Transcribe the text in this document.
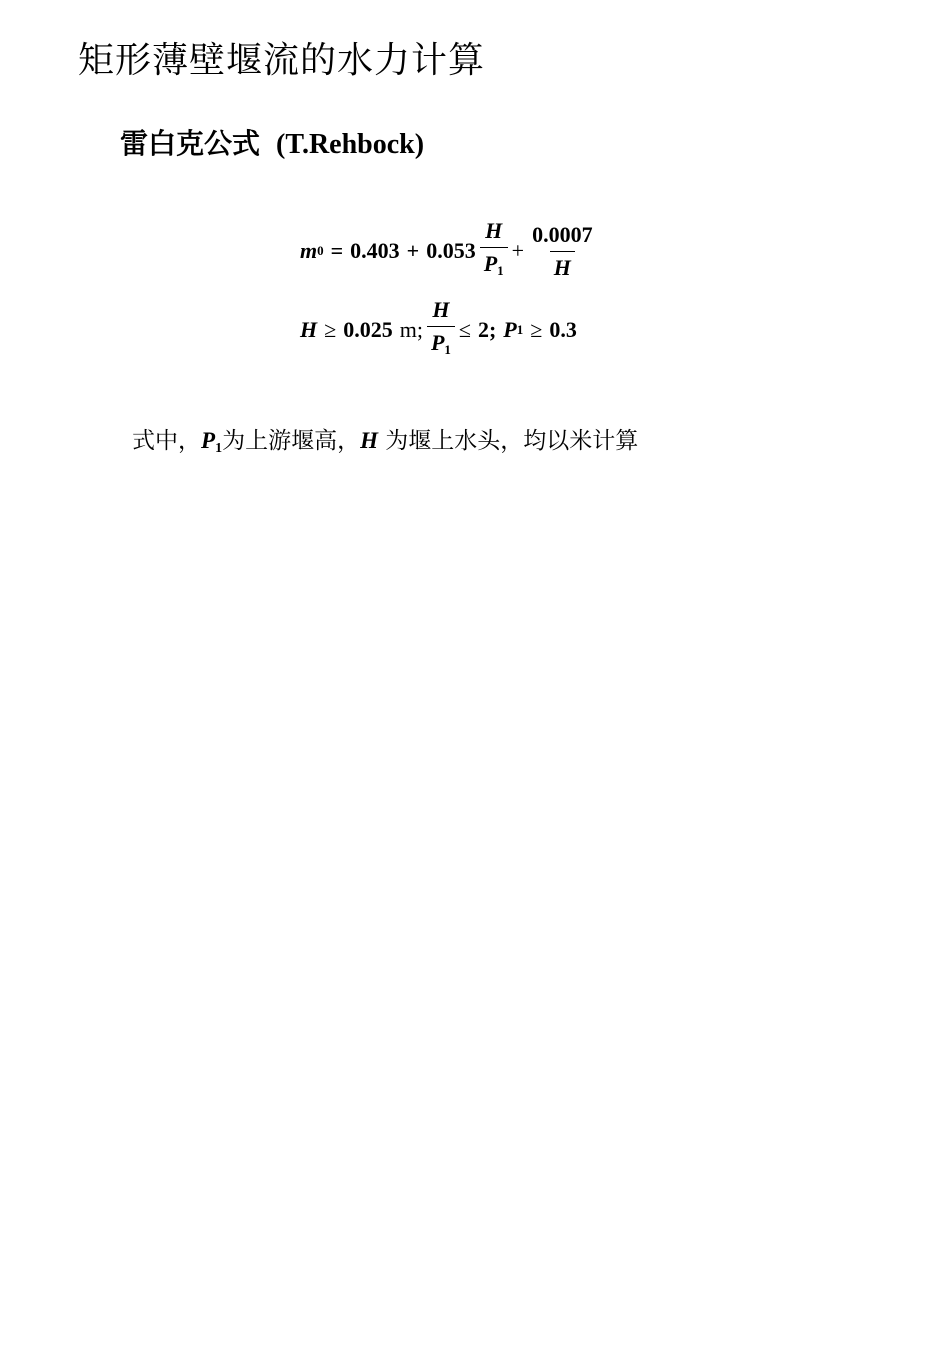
矩形薄壁堰流的水力计算
雷白克公式 (T.Rehbock)
m $0 = 0.403 + 0.053 \frac{H}{P_1} + \frac{0.0007}{H}$
H ≥ 0.025 m; $\frac{H}{P_1} \le 2$; P 1 ≥ 0.3
式中，$P_1$为上游堰高，H 为堰上水头，均以米计算
